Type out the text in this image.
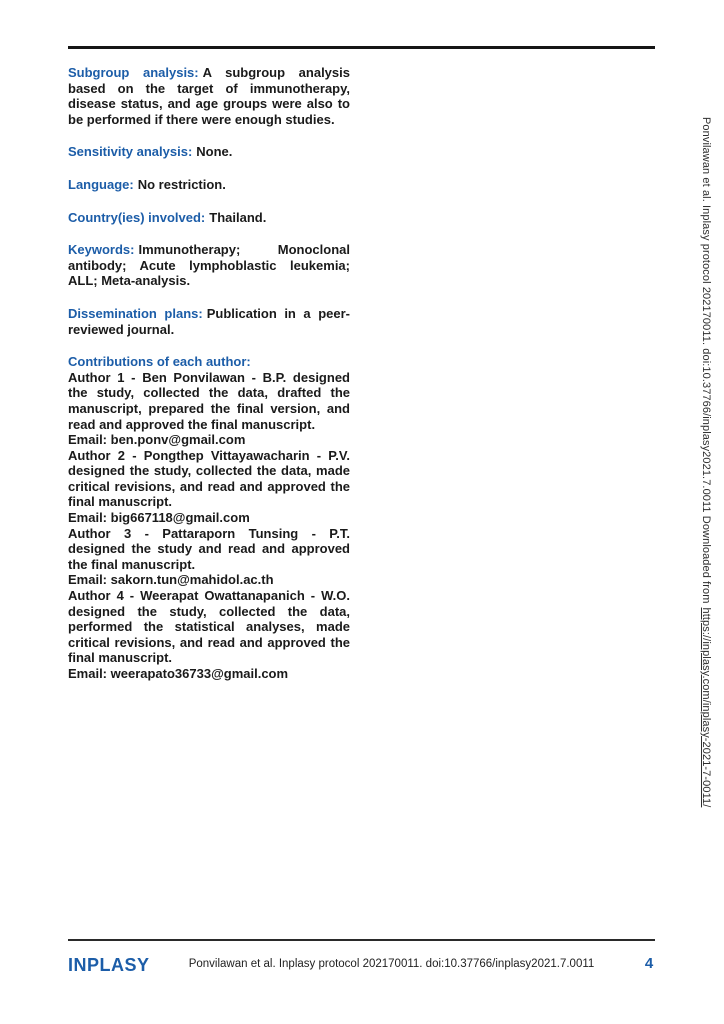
Subgroup analysis: A subgroup analysis based on the target of immunotherapy, disease status, and age groups were also to be performed if there were enough studies.

Sensitivity analysis: None.

Language: No restriction.

Country(ies) involved: Thailand.

Keywords: Immunotherapy; Monoclonal antibody; Acute lymphoblastic leukemia; ALL; Meta-analysis.

Dissemination plans: Publication in a peer-reviewed journal.

Contributions of each author:
Author 1 - Ben Ponvilawan - B.P. designed the study, collected the data, drafted the manuscript, prepared the final version, and read and approved the final manuscript.
Email: ben.ponv@gmail.com
Author 2 - Pongthep Vittayawacharin - P.V. designed the study, collected the data, made critical revisions, and read and approved the final manuscript.
Email: big667118@gmail.com
Author 3 - Pattaraporn Tunsing - P.T. designed the study and read and approved the final manuscript.
Email: sakorn.tun@mahidol.ac.th
Author 4 - Weerapat Owattanapanich - W.O. designed the study, collected the data, performed the statistical analyses, made critical revisions, and read and approved the final manuscript.
Email: weerapato36733@gmail.com
Ponvilawan et al. Inplasy protocol 202170011. doi:10.37766/inplasy2021.7.0011 Downloaded fromhttps://inplasy.com/inplasy-2021-7-0011/
INPLASY	Ponvilawan et al. Inplasy protocol 202170011. doi:10.37766/inplasy2021.7.0011	4
